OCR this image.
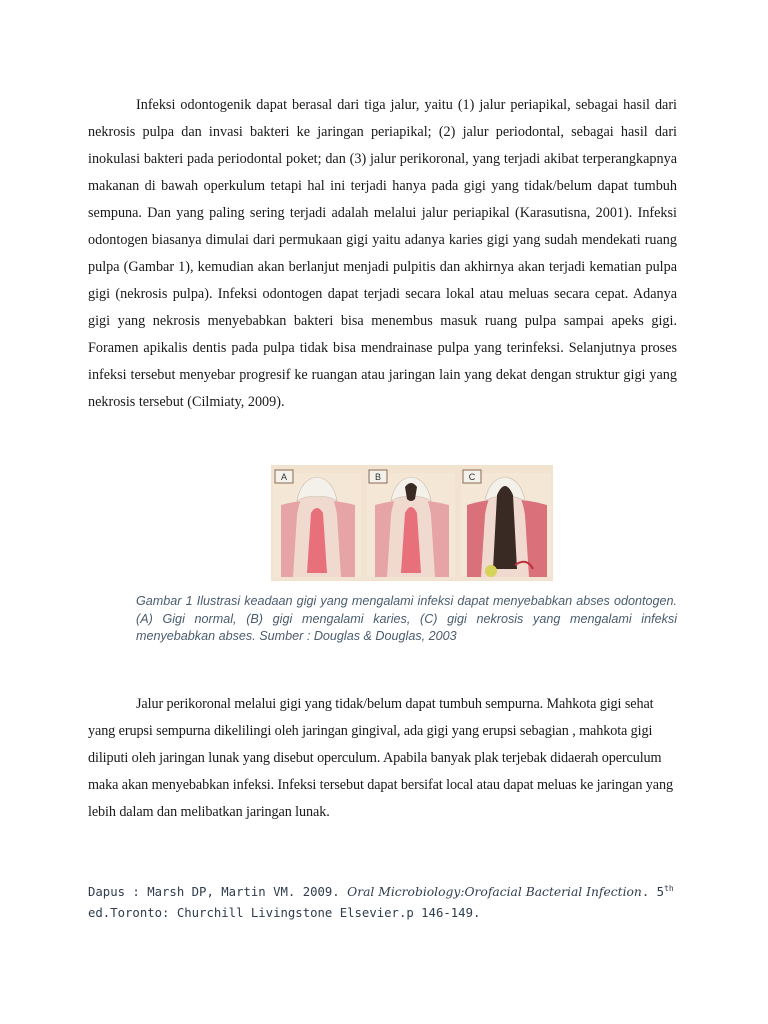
Infeksi odontogenik dapat berasal dari tiga jalur, yaitu (1) jalur periapikal, sebagai hasil dari nekrosis pulpa dan invasi bakteri ke jaringan periapikal; (2) jalur periodontal, sebagai hasil dari inokulasi bakteri pada periodontal poket; dan (3) jalur perikoronal, yang terjadi akibat terperangkapnya makanan di bawah operkulum tetapi hal ini terjadi hanya pada gigi yang tidak/belum dapat tumbuh sempuna. Dan yang paling sering terjadi adalah melalui jalur periapikal (Karasutisna, 2001). Infeksi odontogen biasanya dimulai dari permukaan gigi yaitu adanya karies gigi yang sudah mendekati ruang pulpa (Gambar 1), kemudian akan berlanjut menjadi pulpitis dan akhirnya akan terjadi kematian pulpa gigi (nekrosis pulpa). Infeksi odontogen dapat terjadi secara lokal atau meluas secara cepat. Adanya gigi yang nekrosis menyebabkan bakteri bisa menembus masuk ruang pulpa sampai apeks gigi. Foramen apikalis dentis pada pulpa tidak bisa mendrainase pulpa yang terinfeksi. Selanjutnya proses infeksi tersebut menyebar progresif ke ruangan atau jaringan lain yang dekat dengan struktur gigi yang nekrosis tersebut (Cilmiaty, 2009).

A	B	C

Gambar 1 Ilustrasi keadaan gigi yang mengalami infeksi dapat menyebabkan abses odontogen. (A) Gigi normal, (B) gigi mengalami karies, (C) gigi nekrosis yang mengalami infeksi menyebabkan abses. Sumber : Douglas & Douglas, 2003

Jalur perikoronal melalui gigi yang tidak/belum dapat tumbuh sempurna. Mahkota gigi sehat yang erupsi sempurna dikelilingi oleh jaringan gingival, ada gigi yang erupsi sebagian , mahkota gigi diliputi oleh jaringan lunak yang disebut operculum. Apabila banyak plak terjebak didaerah operculum maka akan menyebabkan infeksi. Infeksi tersebut dapat bersifat local atau dapat meluas ke jaringan yang lebih dalam dan melibatkan jaringan lunak.

Dapus : Marsh DP, Martin VM. 2009. Oral Microbiology:Orofacial Bacterial Infection. 5th ed.Toronto: Churchill Livingstone Elsevier.p 146-149.
